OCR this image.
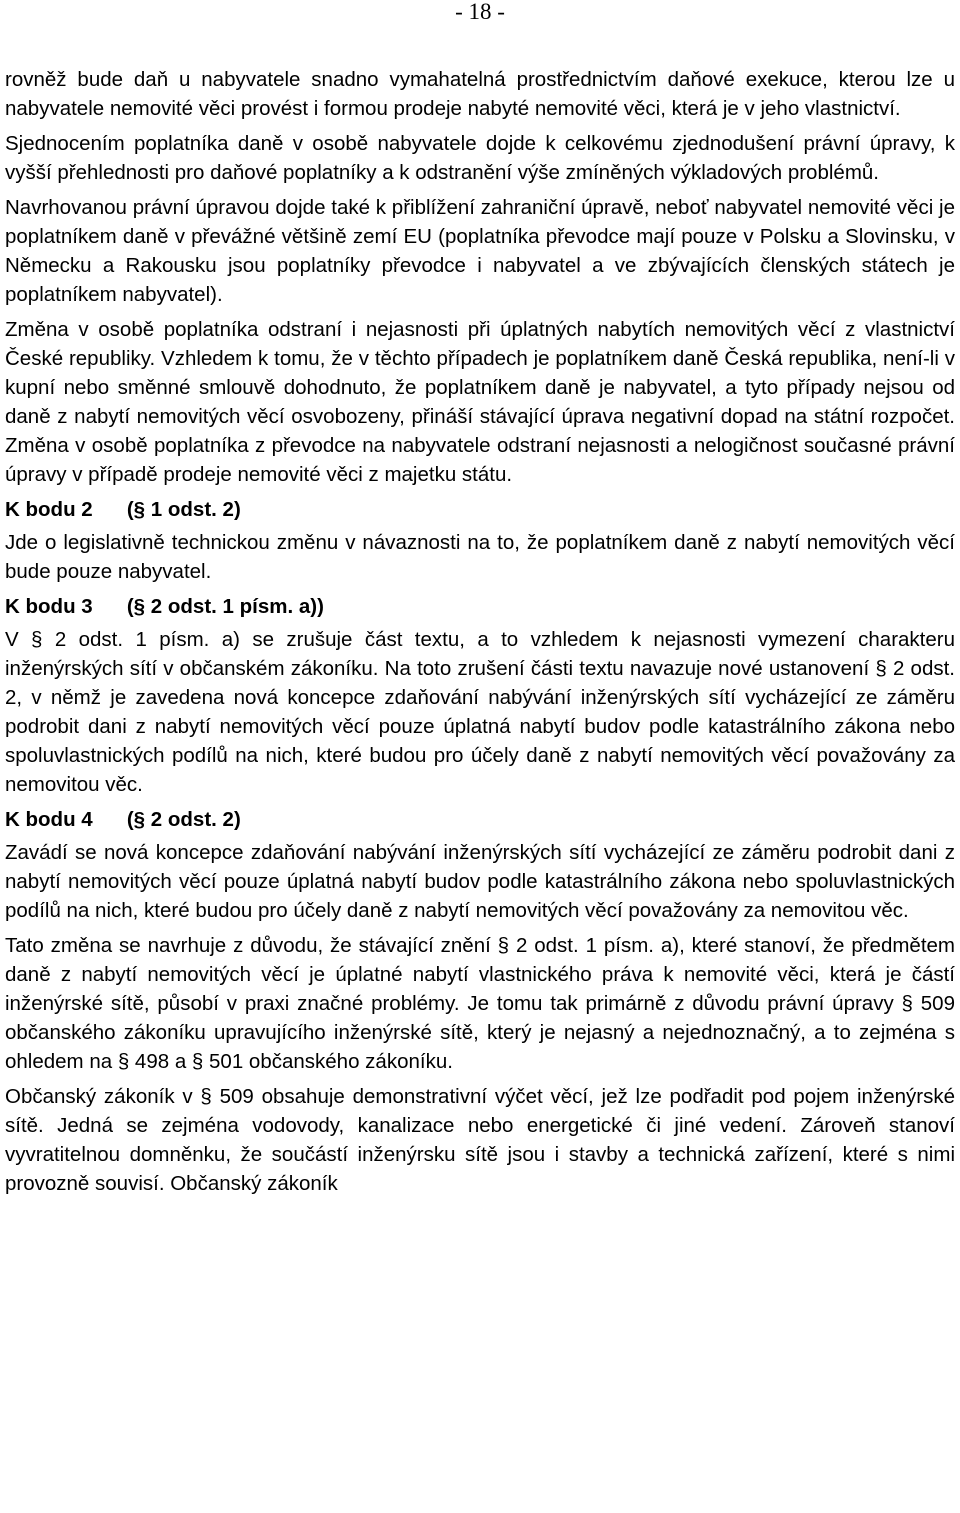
- 18 -

rovněž bude daň u nabyvatele snadno vymahatelná prostřednictvím daňové exekuce, kterou lze u nabyvatele nemovité věci provést i formou prodeje nabyté nemovité věci, která je v jeho vlastnictví.

Sjednocením poplatníka daně v osobě nabyvatele dojde k celkovému zjednodušení právní úpravy, k vyšší přehlednosti pro daňové poplatníky a k odstranění výše zmíněných výkladových problémů.

Navrhovanou právní úpravou dojde také k přiblížení zahraniční úpravě, neboť nabyvatel nemovité věci je poplatníkem daně v převážné většině zemí EU (poplatníka převodce mají pouze v Polsku a Slovinsku, v Německu a Rakousku jsou poplatníky převodce i nabyvatel a ve zbývajících členských státech je poplatníkem nabyvatel).

Změna v osobě poplatníka odstraní i nejasnosti při úplatných nabytích nemovitých věcí z vlastnictví České republiky. Vzhledem k tomu, že v těchto případech je poplatníkem daně Česká republika, není-li v kupní nebo směnné smlouvě dohodnuto, že poplatníkem daně je nabyvatel, a tyto případy nejsou od daně z nabytí nemovitých věcí osvobozeny, přináší stávající úprava negativní dopad na státní rozpočet. Změna v osobě poplatníka z převodce na nabyvatele odstraní nejasnosti a nelogičnost současné právní úpravy v případě prodeje nemovité věci z majetku státu.

K bodu 2      (§ 1 odst. 2)

Jde o legislativně technickou změnu v návaznosti na to, že poplatníkem daně z nabytí nemovitých věcí bude pouze nabyvatel.

K bodu 3      (§ 2 odst. 1 písm. a))

V § 2 odst. 1 písm. a) se zrušuje část textu, a to vzhledem k nejasnosti vymezení charakteru inženýrských sítí v občanském zákoníku. Na toto zrušení části textu navazuje nové ustanovení § 2 odst. 2, v němž je zavedena nová koncepce zdaňování nabývání inženýrských sítí vycházející ze záměru podrobit dani z nabytí nemovitých věcí pouze úplatná nabytí budov podle katastrálního zákona nebo spoluvlastnických podílů na nich, které budou pro účely daně z nabytí nemovitých věcí považovány za nemovitou věc.

K bodu 4      (§ 2 odst. 2)

Zavádí se nová koncepce zdaňování nabývání inženýrských sítí vycházející ze záměru podrobit dani z nabytí nemovitých věcí pouze úplatná nabytí budov podle katastrálního zákona nebo spoluvlastnických podílů na nich, které budou pro účely daně z nabytí nemovitých věcí považovány za nemovitou věc.

Tato změna se navrhuje z důvodu, že stávající znění § 2 odst. 1 písm. a), které stanoví, že předmětem daně z nabytí nemovitých věcí je úplatné nabytí vlastnického práva k nemovité věci, která je částí inženýrské sítě, působí v praxi značné problémy. Je tomu tak primárně z důvodu právní úpravy § 509 občanského zákoníku upravujícího inženýrské sítě, který je nejasný a nejednoznačný, a to zejména s ohledem na § 498 a § 501 občanského zákoníku.

Občanský zákoník v § 509 obsahuje demonstrativní výčet věcí, jež lze podřadit pod pojem inženýrské sítě. Jedná se zejména vodovody, kanalizace nebo energetické či jiné vedení. Zároveň stanoví vyvratitelnou domněnku, že součástí inženýrsku sítě jsou i stavby a technická zařízení, které s nimi provozně souvisí. Občanský zákoník
